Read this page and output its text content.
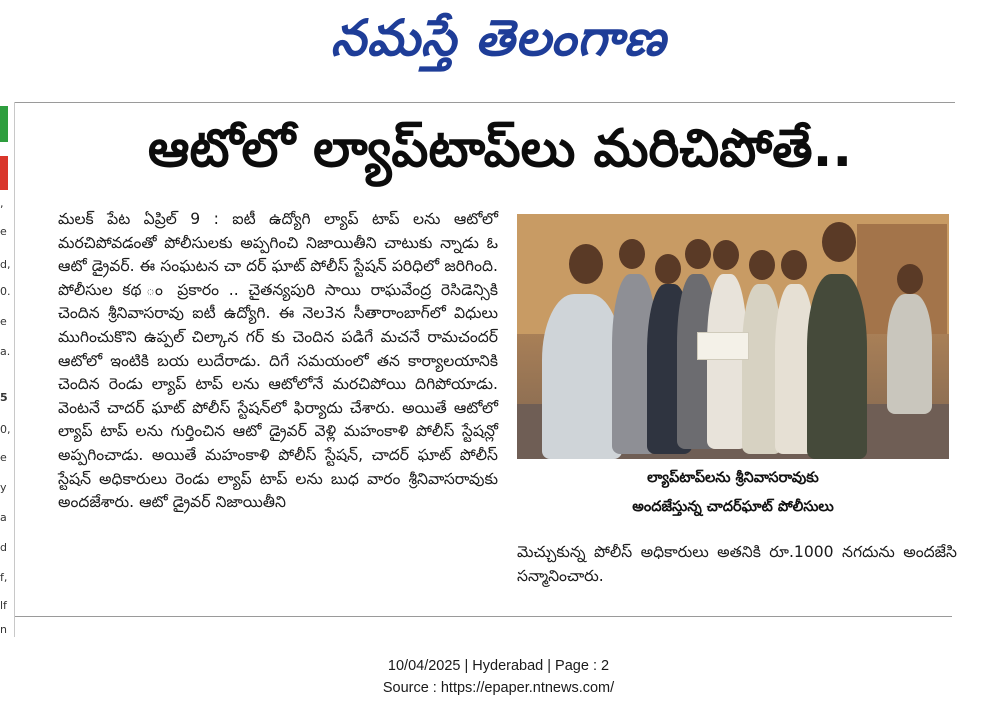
నమస్తే తెలంగాణ
,
e
d,
0.
e
a.
5
0,
e
y
a
d
f,
lf
n
ఆటోలో ల్యాప్‌టాప్‌లు మరిచిపోతే..
మలక్ పేట ఏప్రిల్ 9 : ఐటీ ఉద్యోగి ల్యాప్ టాప్ లను ఆటోలో మరచిపోవడంతో పోలీసులకు అప్పగించి నిజాయితీని చాటుకు న్నాడు ఓ ఆటో డ్రైవర్. ఈ సంఘటన చా దర్ ఘాట్ పోలీస్ స్టేషన్ పరిధిలో జరిగింది. పోలీసుల కథ ం ప్రకారం .. చైతన్యపురి సాయి రాఘవేంద్ర రెసిడెన్సికి చెందిన శ్రీనివాసరావు ఐటీ ఉద్యోగి. ఈ నెల3న సీతారాంబాగ్‌లో విధులు ముగించుకొని ఉప్పల్ చిల్కాన గర్ కు చెందిన పడిగే మచనే రామచందర్ ఆటోలో ఇంటికి బయ లుదేరాడు. దిగే సమయంలో తన కార్యాలయానికి చెందిన రెండు ల్యాప్ టాప్ లను ఆటోలోనే మరచిపోయి దిగిపోయాడు. వెంటనే చాదర్ ఘాట్ పోలీస్ స్టేషన్‌లో ఫిర్యాదు చేశారు. అయితే ఆటోలో ల్యాప్ టాప్ లను గుర్తించిన ఆటో డ్రైవర్ వెళ్లి మహంకాళి పోలీస్ స్టేషన్లో అప్పగించాడు. అయితే మహంకాళి పోలీస్ స్టేషన్, చాదర్ ఘాట్ పోలీస్ స్టేషన్ అధికారులు రెండు ల్యాప్ టాప్ లను బుధ వారం శ్రీనివాసరావుకు అందజేశారు. ఆటో డ్రైవర్ నిజాయితీని
ల్యాప్‌టాప్‌లను శ్రీనివాసరావుకు
అందజేస్తున్న చాదర్‌ఘాట్ పోలీసులు
మెచ్చుకున్న పోలీస్ అధికారులు అతనికి రూ.1000 నగదును అందజేసి సన్మానించారు.
10/04/2025 | Hyderabad | Page : 2
Source : https://epaper.ntnews.com/
